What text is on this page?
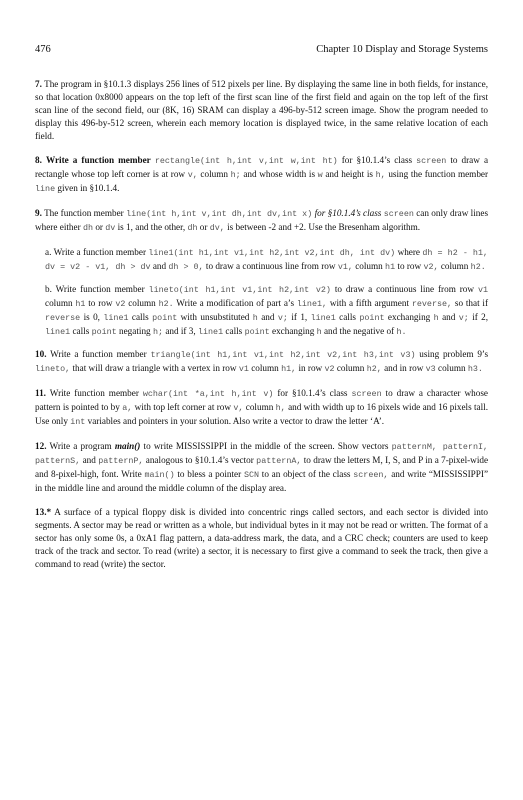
476	Chapter 10 Display and Storage Systems

7. The program in §10.1.3 displays 256 lines of 512 pixels per line. By displaying the same line in both fields, for instance, so that location 0x8000 appears on the top left of the first scan line of the first field and again on the top left of the first scan line of the second field, our (8K, 16) SRAM can display a 496-by-512 screen image. Show the program needed to display this 496-by-512 screen, wherein each memory location is displayed twice, in the same relative location of each field.

8. Write a function member rectangle(int h,int v,int w,int ht) for §10.1.4’s class screen to draw a rectangle whose top left corner is at row v, column h; and whose width is w and height is h, using the function member line given in §10.1.4.

9. The function member line(int h,int v,int dh,int dv,int x) for §10.1.4’s class screen can only draw lines where either dh or dv is 1, and the other, dh or dv, is between -2 and +2. Use the Bresenham algorithm.

a. Write a function member line1(int h1,int v1,int h2,int v2,int dh, int dv) where dh = h2 - h1, dv = v2 - v1, dh > dv and dh > 0, to draw a continuous line from row v1, column h1 to row v2, column h2.

b. Write function member lineto(int h1,int v1,int h2,int v2) to draw a continuous line from row v1 column h1 to row v2 column h2. Write a modification of part a’s line1, with a fifth argument reverse, so that if reverse is 0, line1 calls point with unsubstituted h and v; if 1, line1 calls point exchanging h and v; if 2, line1 calls point negating h; and if 3, line1 calls point exchanging h and the negative of h.

10. Write a function member triangle(int h1,int v1,int h2,int v2,int h3,int v3) using problem 9’s lineto, that will draw a triangle with a vertex in row v1 column h1, in row v2 column h2, and in row v3 column h3.

11. Write function member wchar(int *a,int h,int v) for §10.1.4’s class screen to draw a character whose pattern is pointed to by a, with top left corner at row v, column h, and with width up to 16 pixels wide and 16 pixels tall. Use only int variables and pointers in your solution. Also write a vector to draw the letter ‘A’.

12. Write a program main() to write MISSISSIPPI in the middle of the screen. Show vectors patternM, patternI, patternS, and patternP, analogous to §10.1.4’s vector patternA, to draw the letters M, I, S, and P in a 7-pixel-wide and 8-pixel-high, font. Write main() to bless a pointer SCN to an object of the class screen, and write “MISSISSIPPI” in the middle line and around the middle column of the display area.

13.* A surface of a typical floppy disk is divided into concentric rings called sectors, and each sector is divided into segments. A sector may be read or written as a whole, but individual bytes in it may not be read or written. The format of a sector has only some 0s, a 0xA1 flag pattern, a data-address mark, the data, and a CRC check; counters are used to keep track of the track and sector. To read (write) a sector, it is necessary to first give a command to seek the track, then give a command to read (write) the sector.
